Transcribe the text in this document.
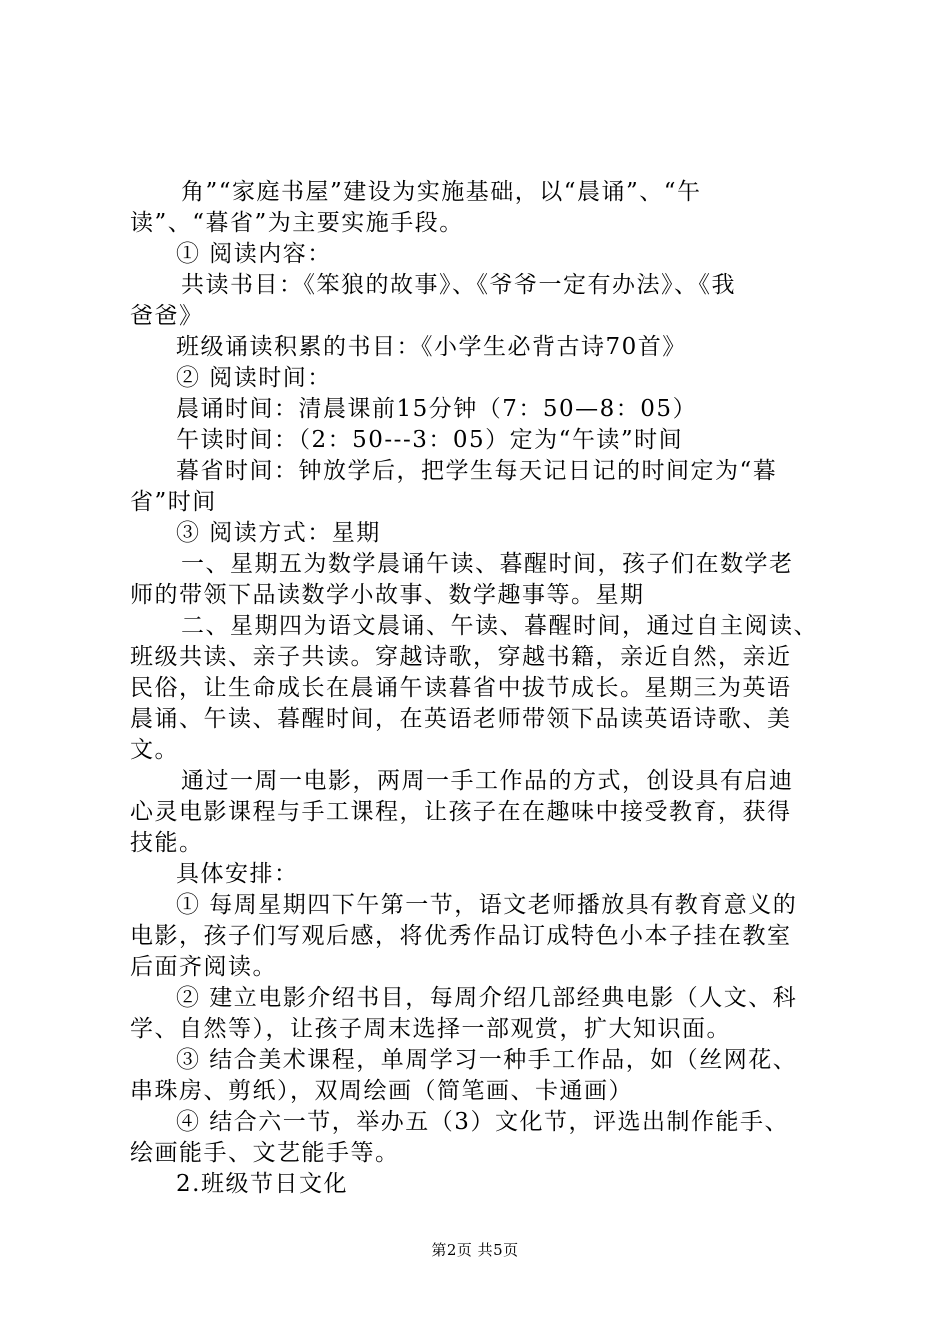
角”“家庭书屋”建设为实施基础，以“晨诵”、“午
读”、“暮省”为主要实施手段。
① 阅读内容：
共读书目：《笨狼的故事》、《爷爷一定有办法》、《我
爸爸》
班级诵读积累的书目：《小学生必背古诗70首》
② 阅读时间：
晨诵时间：清晨课前15分钟（7：50—8：05）
午读时间：（2：50---3：05）定为“午读”时间
暮省时间：钟放学后，把学生每天记日记的时间定为“暮
省”时间
③ 阅读方式：星期
一、星期五为数学晨诵午读、暮醒时间，孩子们在数学老
师的带领下品读数学小故事、数学趣事等。星期
二、星期四为语文晨诵、午读、暮醒时间，通过自主阅读、
班级共读、亲子共读。穿越诗歌，穿越书籍，亲近自然，亲近
民俗，让生命成长在晨诵午读暮省中拔节成长。星期三为英语
晨诵、午读、暮醒时间，在英语老师带领下品读英语诗歌、美
文。
通过一周一电影，两周一手工作品的方式，创设具有启迪
心灵电影课程与手工课程，让孩子在在趣味中接受教育，获得
技能。
具体安排：
① 每周星期四下午第一节，语文老师播放具有教育意义的
电影，孩子们写观后感，将优秀作品订成特色小本子挂在教室
后面齐阅读。
② 建立电影介绍书目，每周介绍几部经典电影（人文、科
学、自然等），让孩子周末选择一部观赏，扩大知识面。
③ 结合美术课程，单周学习一种手工作品，如（丝网花、
串珠房、剪纸），双周绘画（简笔画、卡通画）
④ 结合六一节，举办五（3）文化节，评选出制作能手、
绘画能手、文艺能手等。
2.班级节日文化
第2页 共5页
